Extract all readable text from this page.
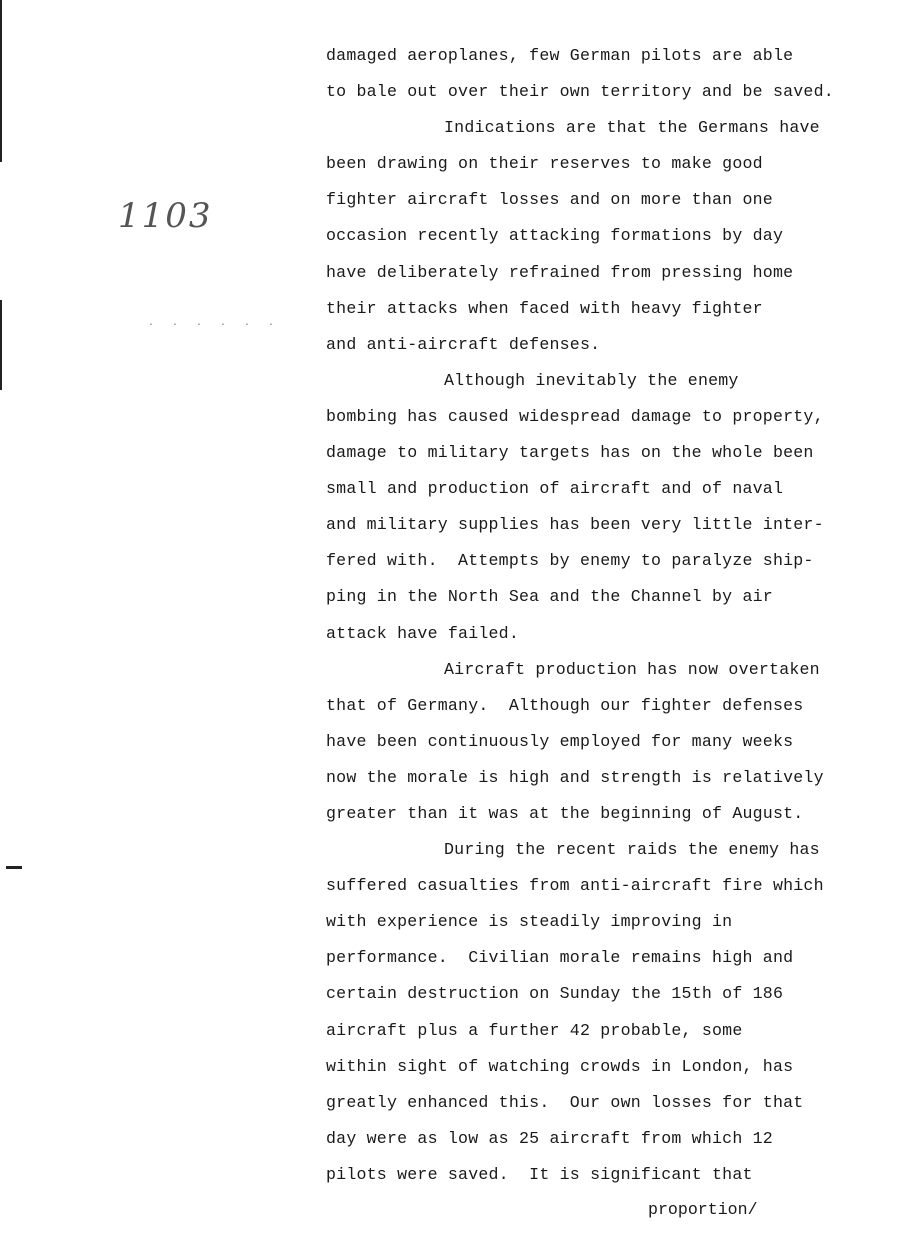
1103
. . . . . .
damaged aeroplanes, few German pilots are able
to bale out over their own territory and be saved.
Indications are that the Germans have
been drawing on their reserves to make good
fighter aircraft losses and on more than one
occasion recently attacking formations by day
have deliberately refrained from pressing home
their attacks when faced with heavy fighter
and anti-aircraft defenses.
Although inevitably the enemy
bombing has caused widespread damage to property,
damage to military targets has on the whole been
small and production of aircraft and of naval
and military supplies has been very little inter-
fered with.  Attempts by enemy to paralyze ship-
ping in the North Sea and the Channel by air
attack have failed.
Aircraft production has now overtaken
that of Germany.  Although our fighter defenses
have been continuously employed for many weeks
now the morale is high and strength is relatively
greater than it was at the beginning of August.
During the recent raids the enemy has
suffered casualties from anti-aircraft fire which
with experience is steadily improving in
performance.  Civilian morale remains high and
certain destruction on Sunday the 15th of 186
aircraft plus a further 42 probable, some
within sight of watching crowds in London, has
greatly enhanced this.  Our own losses for that
day were as low as 25 aircraft from which 12
pilots were saved.  It is significant that
proportion/
